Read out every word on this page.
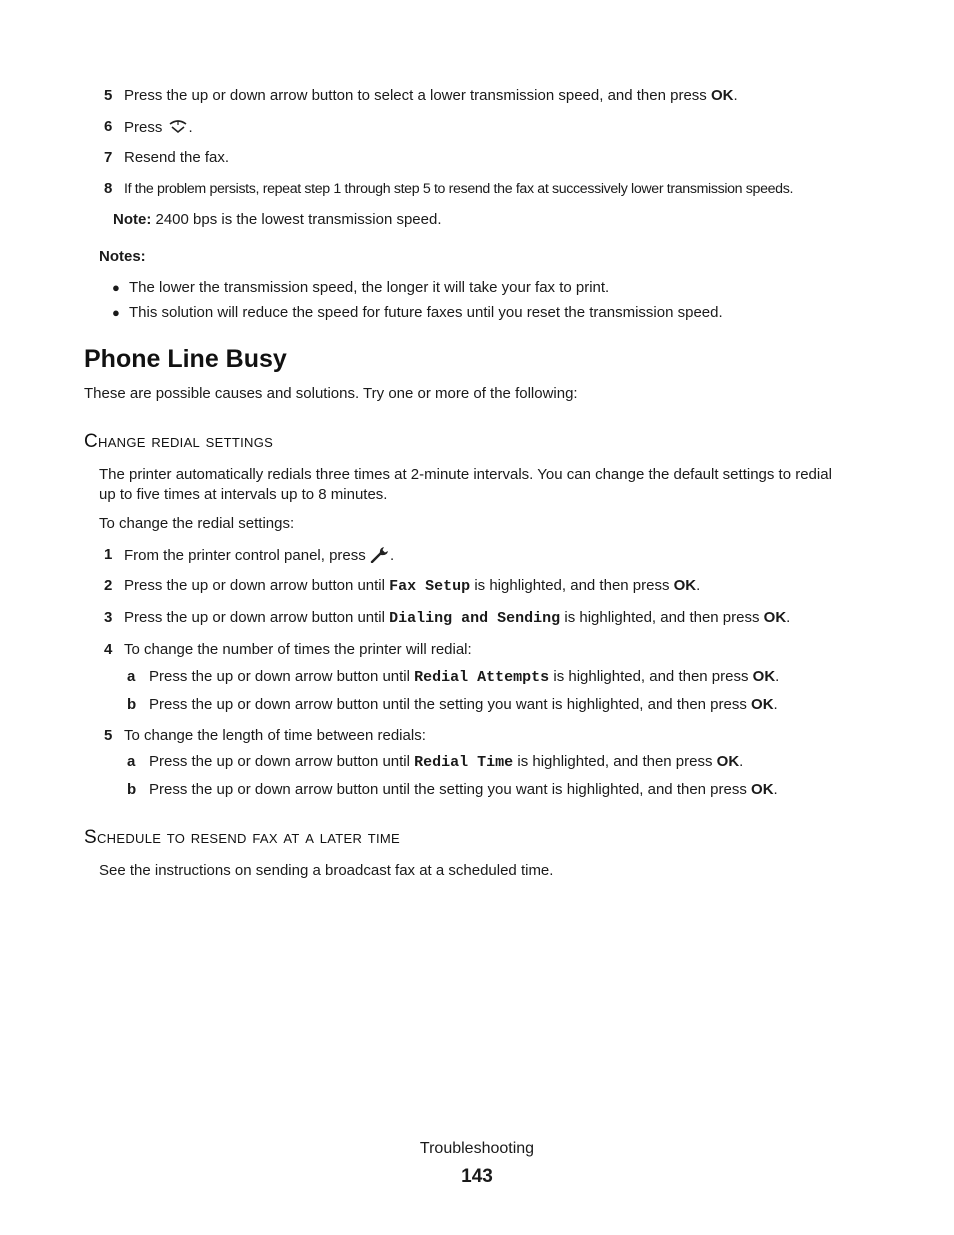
5 Press the up or down arrow button to select a lower transmission speed, and then press OK.
6 Press .
7 Resend the fax.
8 If the problem persists, repeat step 1 through step 5 to resend the fax at successively lower transmission speeds.
Note: 2400 bps is the lowest transmission speed.
Notes:
● The lower the transmission speed, the longer it will take your fax to print.
● This solution will reduce the speed for future faxes until you reset the transmission speed.
Phone Line Busy
These are possible causes and solutions. Try one or more of the following:
Change redial settings
The printer automatically redials three times at 2-minute intervals. You can change the default settings to redial
up to five times at intervals up to 8 minutes.
To change the redial settings:
1 From the printer control panel, press .
2 Press the up or down arrow button until Fax Setup is highlighted, and then press OK.
3 Press the up or down arrow button until Dialing and Sending is highlighted, and then press OK.
4 To change the number of times the printer will redial:
a Press the up or down arrow button until Redial Attempts is highlighted, and then press OK.
b Press the up or down arrow button until the setting you want is highlighted, and then press OK.
5 To change the length of time between redials:
a Press the up or down arrow button until Redial Time is highlighted, and then press OK.
b Press the up or down arrow button until the setting you want is highlighted, and then press OK.
Schedule to resend fax at a later time
See the instructions on sending a broadcast fax at a scheduled time.
Troubleshooting
143
